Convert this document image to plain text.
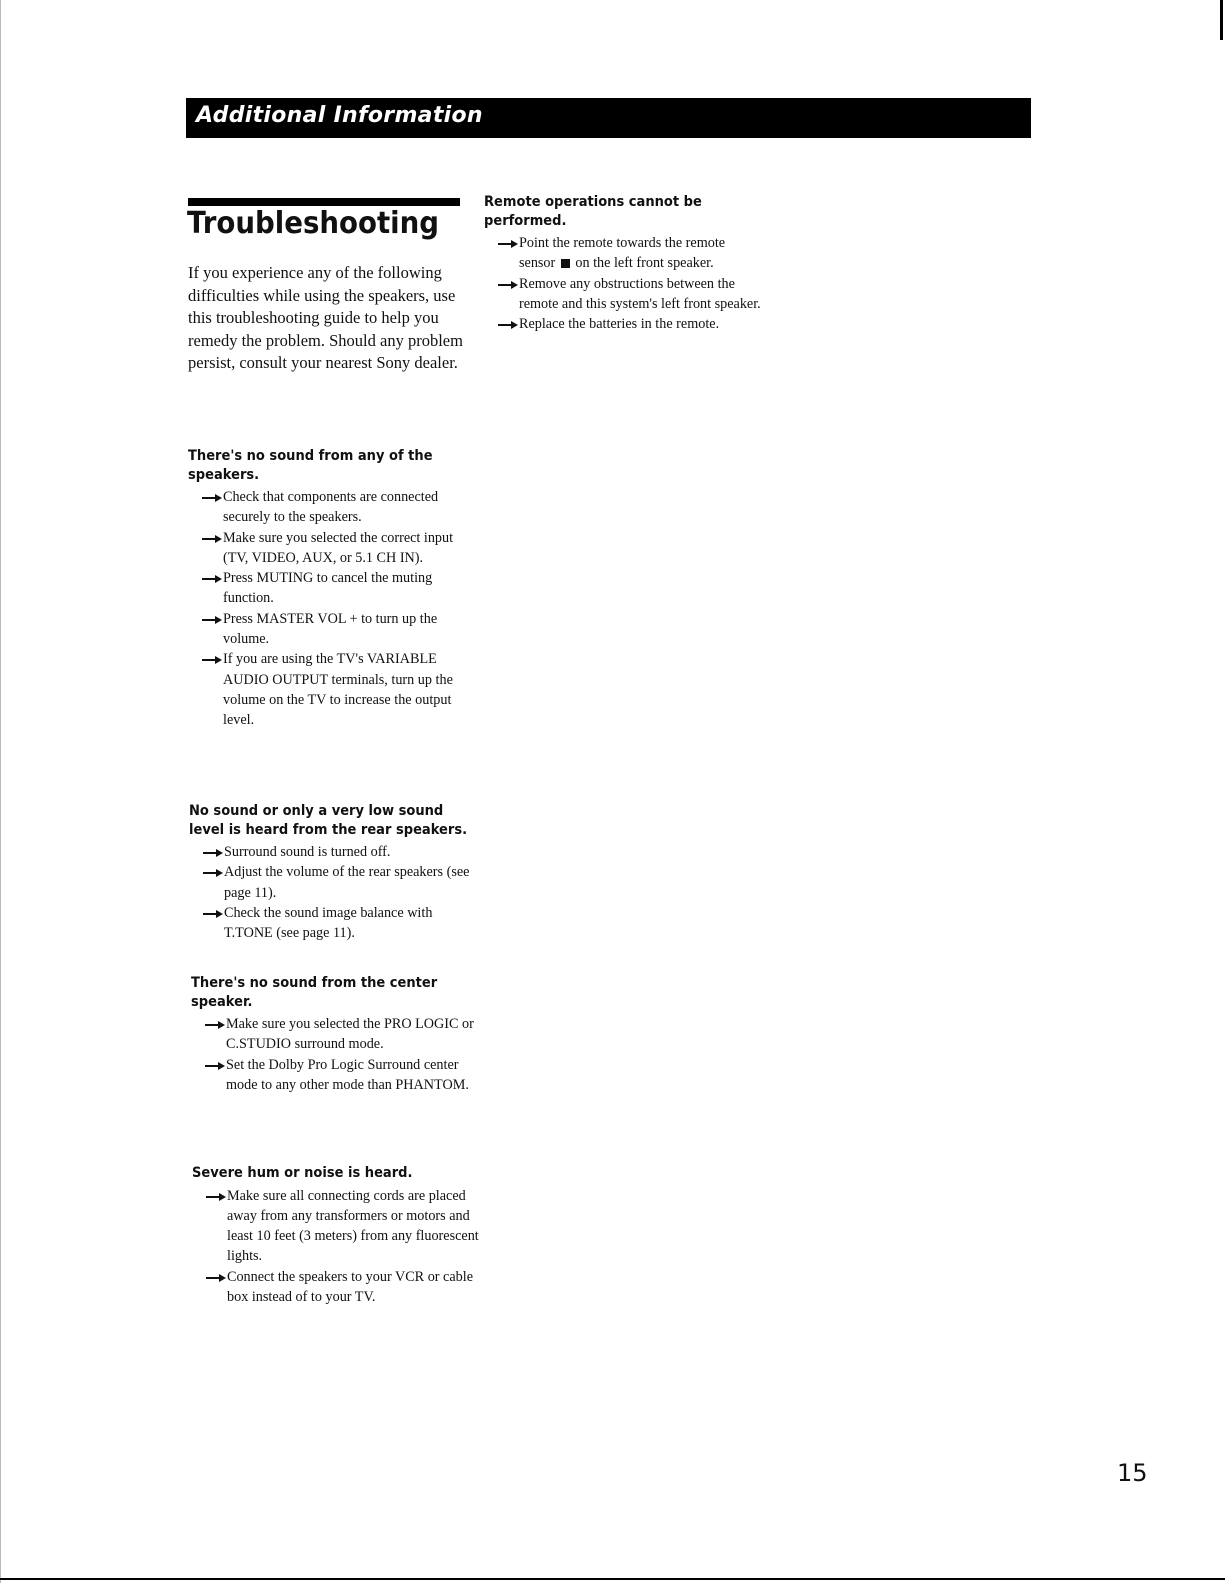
Additional Information
Troubleshooting

If you experience any of the following difficulties while using the speakers, use this troubleshooting guide to help you remedy the problem. Should any problem persist, consult your nearest Sony dealer.

There's no sound from any of the speakers.
Check that components are connected securely to the speakers.
Make sure you selected the correct input (TV, VIDEO, AUX, or 5.1 CH IN).
Press MUTING to cancel the muting function.
Press MASTER VOL + to turn up the volume.
If you are using the TV's VARIABLE AUDIO OUTPUT terminals, turn up the volume on the TV to increase the output level.
No sound or only a very low sound level is heard from the rear speakers.
Surround sound is turned off.
Adjust the volume of the rear speakers (see page 11).
Check the sound image balance with T.TONE (see page 11).
There's no sound from the center speaker.
Make sure you selected the PRO LOGIC or C.STUDIO surround mode.
Set the Dolby Pro Logic Surround center mode to any other mode than PHANTOM.
Severe hum or noise is heard.
Make sure all connecting cords are placed away from any transformers or motors and least 10 feet (3 meters) from any fluorescent lights.
Connect the speakers to your VCR or cable box instead of to your TV.
Remote operations cannot be performed.
Point the remote towards the remote sensor on the left front speaker.
Remove any obstructions between the remote and this system's left front speaker.
Replace the batteries in the remote.
15
